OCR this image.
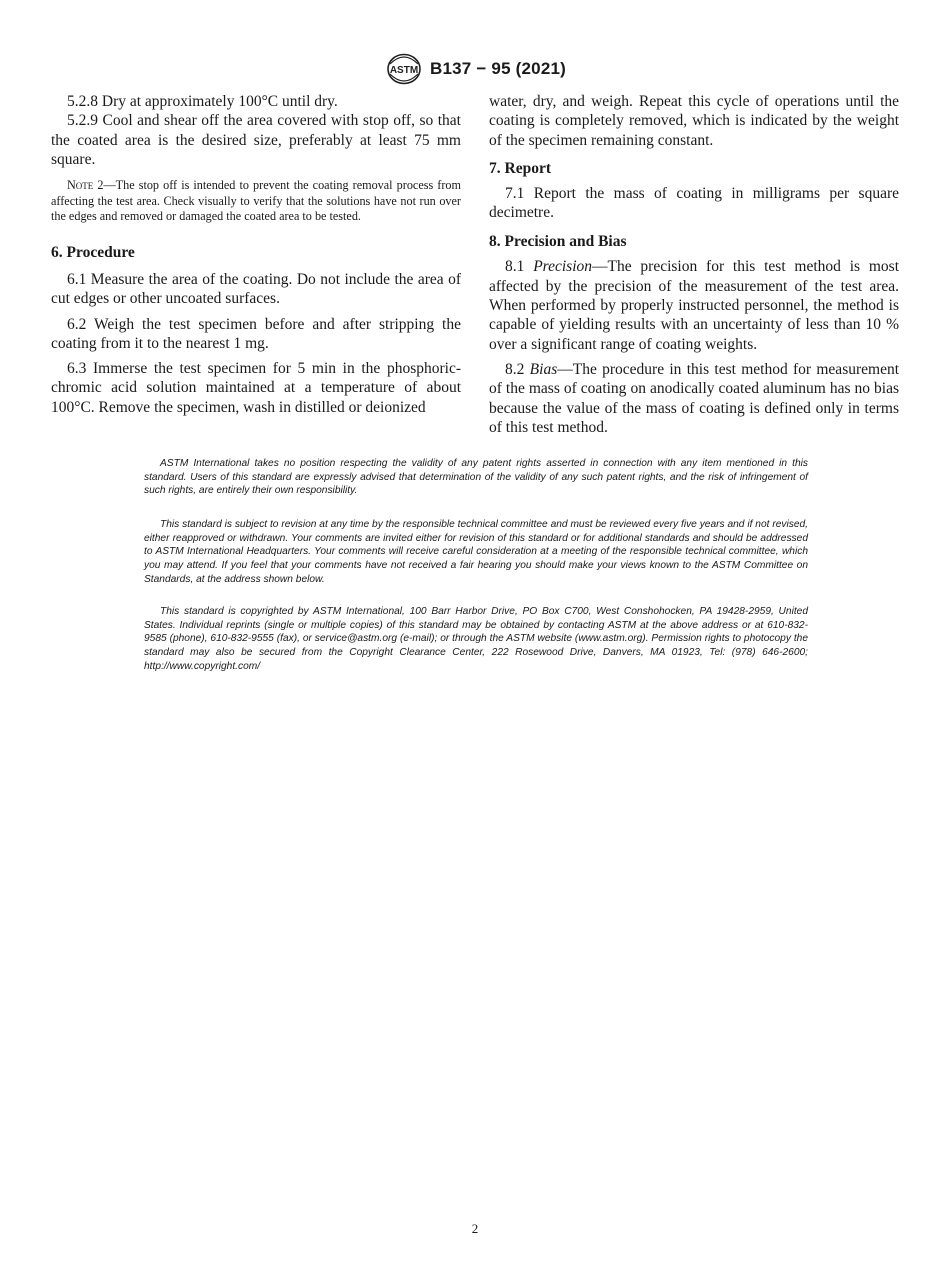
ASTM B137 − 95 (2021)

5.2.8 Dry at approximately 100°C until dry.

5.2.9 Cool and shear off the area covered with stop off, so that the coated area is the desired size, preferably at least 75 mm square.

Note 2—The stop off is intended to prevent the coating removal process from affecting the test area. Check visually to verify that the solutions have not run over the edges and removed or damaged the coated area to be tested.

6. Procedure

6.1 Measure the area of the coating. Do not include the area of cut edges or other uncoated surfaces.

6.2 Weigh the test specimen before and after stripping the coating from it to the nearest 1 mg.

6.3 Immerse the test specimen for 5 min in the phosphoric-chromic acid solution maintained at a temperature of about 100°C. Remove the specimen, wash in distilled or deionized

water, dry, and weigh. Repeat this cycle of operations until the coating is completely removed, which is indicated by the weight of the specimen remaining constant.

7. Report

7.1 Report the mass of coating in milligrams per square decimetre.

8. Precision and Bias

8.1 Precision—The precision for this test method is most affected by the precision of the measurement of the test area. When performed by properly instructed personnel, the method is capable of yielding results with an uncertainty of less than 10 % over a significant range of coating weights.

8.2 Bias—The procedure in this test method for measurement of the mass of coating on anodically coated aluminum has no bias because the value of the mass of coating is defined only in terms of this test method.

ASTM International takes no position respecting the validity of any patent rights asserted in connection with any item mentioned in this standard. Users of this standard are expressly advised that determination of the validity of any such patent rights, and the risk of infringement of such rights, are entirely their own responsibility.

This standard is subject to revision at any time by the responsible technical committee and must be reviewed every five years and if not revised, either reapproved or withdrawn. Your comments are invited either for revision of this standard or for additional standards and should be addressed to ASTM International Headquarters. Your comments will receive careful consideration at a meeting of the responsible technical committee, which you may attend. If you feel that your comments have not received a fair hearing you should make your views known to the ASTM Committee on Standards, at the address shown below.

This standard is copyrighted by ASTM International, 100 Barr Harbor Drive, PO Box C700, West Conshohocken, PA 19428-2959, United States. Individual reprints (single or multiple copies) of this standard may be obtained by contacting ASTM at the above address or at 610-832-9585 (phone), 610-832-9555 (fax), or service@astm.org (e-mail); or through the ASTM website (www.astm.org). Permission rights to photocopy the standard may also be secured from the Copyright Clearance Center, 222 Rosewood Drive, Danvers, MA 01923, Tel: (978) 646-2600; http://www.copyright.com/

2
